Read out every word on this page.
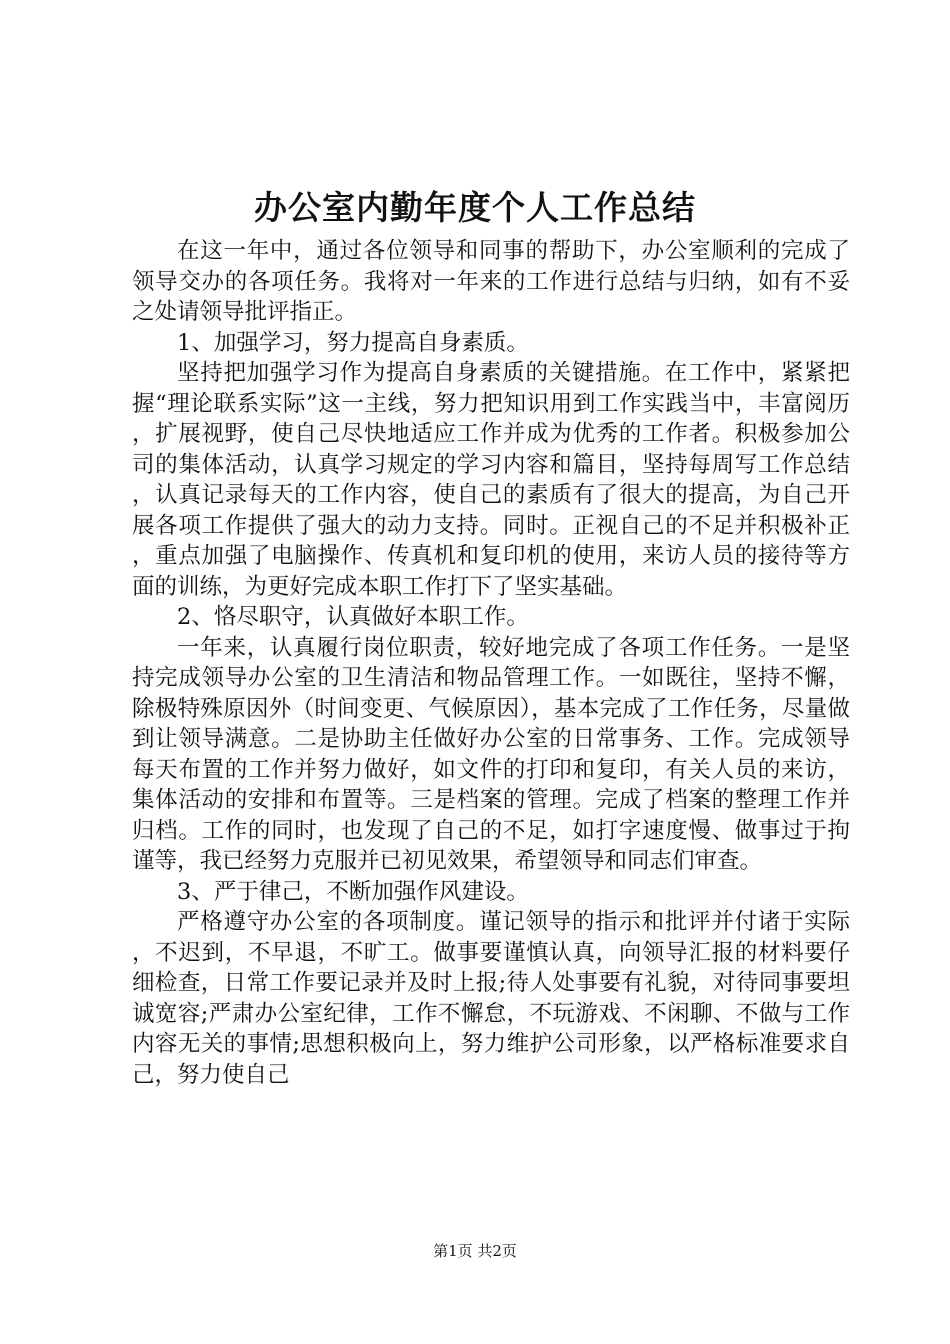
办公室内勤年度个人工作总结

在这一年中，通过各位领导和同事的帮助下，办公室顺利的完成了领导交办的各项任务。我将对一年来的工作进行总结与归纳，如有不妥之处请领导批评指正。

1、加强学习，努力提高自身素质。

坚持把加强学习作为提高自身素质的关键措施。在工作中，紧紧把握“理论联系实际”这一主线，努力把知识用到工作实践当中，丰富阅历，扩展视野，使自己尽快地适应工作并成为优秀的工作者。积极参加公司的集体活动，认真学习规定的学习内容和篇目，坚持每周写工作总结，认真记录每天的工作内容，使自己的素质有了很大的提高，为自己开展各项工作提供了强大的动力支持。同时。正视自己的不足并积极补正，重点加强了电脑操作、传真机和复印机的使用，来访人员的接待等方面的训练，为更好完成本职工作打下了坚实基础。

2、恪尽职守，认真做好本职工作。

一年来，认真履行岗位职责，较好地完成了各项工作任务。一是坚持完成领导办公室的卫生清洁和物品管理工作。一如既往，坚持不懈，除极特殊原因外（时间变更、气候原因），基本完成了工作任务，尽量做到让领导满意。二是协助主任做好办公室的日常事务、工作。完成领导每天布置的工作并努力做好，如文件的打印和复印，有关人员的来访，集体活动的安排和布置等。三是档案的管理。完成了档案的整理工作并归档。工作的同时，也发现了自己的不足，如打字速度慢、做事过于拘谨等，我已经努力克服并已初见效果，希望领导和同志们审查。

3、严于律己，不断加强作风建设。

严格遵守办公室的各项制度。谨记领导的指示和批评并付诸于实际，不迟到，不早退，不旷工。做事要谨慎认真，向领导汇报的材料要仔细检查，日常工作要记录并及时上报;待人处事要有礼貌，对待同事要坦诚宽容;严肃办公室纪律，工作不懈怠，不玩游戏、不闲聊、不做与工作内容无关的事情;思想积极向上，努力维护公司形象，以严格标准要求自己，努力使自己

第1页 共2页
